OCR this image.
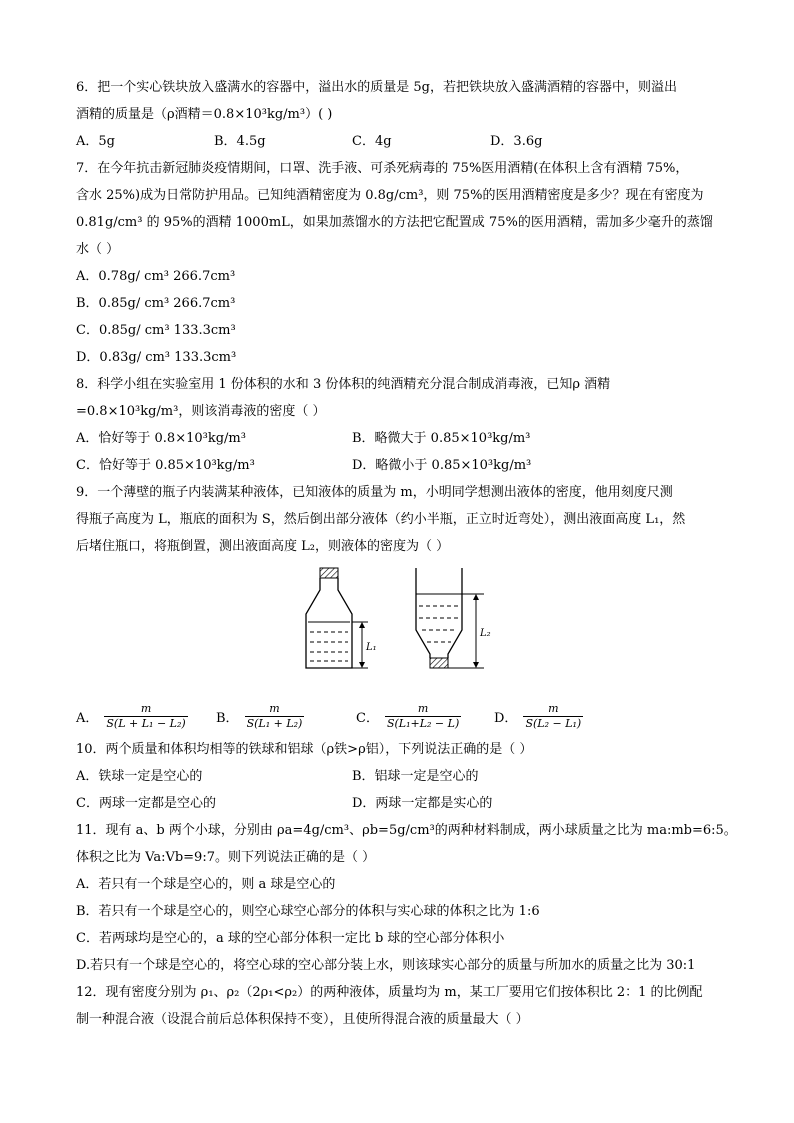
6．把一个实心铁块放入盛满水的容器中，溢出水的质量是 5g，若把铁块放入盛满酒精的容器中，则溢出
酒精的质量是（ρ酒精＝0.8×10³kg/m³）( )
A．5g	B．4.5g	C．4g	D．3.6g
7．在今年抗击新冠肺炎疫情期间，口罩、洗手液、可杀死病毒的 75%医用酒精(在体积上含有酒精 75%，
含水 25%)成为日常防护用品。已知纯酒精密度为 0.8g/cm³，则 75%的医用酒精密度是多少？现在有密度为
0.81g/cm³ 的 95%的酒精 1000mL，如果加蒸馏水的方法把它配置成 75%的医用酒精，需加多少毫升的蒸馏
水（ ）
A．0.78g/ cm³ 266.7cm³
B．0.85g/ cm³ 266.7cm³
C．0.85g/ cm³ 133.3cm³
D．0.83g/ cm³ 133.3cm³
8．科学小组在实验室用 1 份体积的水和 3 份体积的纯酒精充分混合制成消毒液，已知ρ 酒精
=0.8×10³kg/m³，则该消毒液的密度（ ）
A．恰好等于 0.8×10³kg/m³	B．略微大于 0.85×10³kg/m³
C．恰好等于 0.85×10³kg/m³	D．略微小于 0.85×10³kg/m³
9．一个薄壁的瓶子内装满某种液体，已知液体的质量为 m，小明同学想测出液体的密度，他用刻度尺测
得瓶子高度为 L，瓶底的面积为 S，然后倒出部分液体（约小半瓶，正立时近弯处），测出液面高度 L₁，然
后堵住瓶口，将瓶倒置，测出液面高度 L₂，则液体的密度为（ ）
L₁
L₂
A． $\frac{m}{\text{S(L + L₁ − L₂)}}$ B． $\frac{m}{\text{S(L₁ + L₂)}}$	C． $\frac{m}{\text{S(L₁+L₂ − L)}}$	D． $\frac{m}{\text{S(L₂ − L₁)}}$
10．两个质量和体积均相等的铁球和铝球（ρ铁>ρ铝），下列说法正确的是（ ）
A．铁球一定是空心的	B．铝球一定是空心的
C．两球一定都是空心的	D．两球一定都是实心的
11．现有 a、b 两个小球，分别由 ρa=4g/cm³、ρb=5g/cm³的两种材料制成，两小球质量之比为 ma:mb=6:5。
体积之比为 Va:Vb=9:7。则下列说法正确的是（ ）
A．若只有一个球是空心的，则 a 球是空心的
B．若只有一个球是空心的，则空心球空心部分的体积与实心球的体积之比为 1:6
C．若两球均是空心的，a 球的空心部分体积一定比 b 球的空心部分体积小
D.若只有一个球是空心的，将空心球的空心部分装上水，则该球实心部分的质量与所加水的质量之比为 30:1
12．现有密度分别为 ρ₁、ρ₂（2ρ₁<ρ₂）的两种液体，质量均为 m，某工厂要用它们按体积比 2：1 的比例配
制一种混合液（设混合前后总体积保持不变），且使所得混合液的质量最大（ ）
